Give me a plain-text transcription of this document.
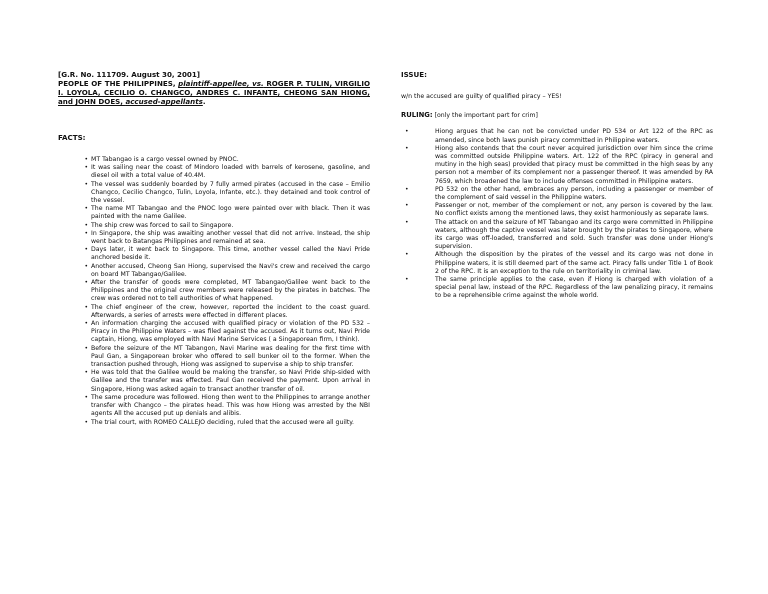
[G.R. No. 111709. August 30, 2001]
PEOPLE OF THE PHILIPPINES, plaintiff-appellee, vs. ROGER P. TULIN, VIRGILIO I. LOYOLA, CECILIO O. CHANGCO, ANDRES C. INFANTE, CHEONG SAN HIONG, and JOHN DOES, accused-appellants.
FACTS:
• MT Tabangao is a cargo vessel owned by PNOC.
• It was sailing near the coast of Mindoro loaded with barrels of kerosene, gasoline, and diesel oil with a total value of 40.4M.
• The vessel was suddenly boarded by 7 fully armed pirates (accused in the case – Emilio Changco, Cecilio Changco, Tulin, Loyola, Infante, etc.). they detained and took control of the vessel.
• The name MT Tabangao and the PNOC logo were painted over with black. Then it was painted with the name Galilee.
• The ship crew was forced to sail to Singapore.
• In Singapore, the ship was awaiting another vessel that did not arrive. Instead, the ship went back to Batangas Philippines and remained at sea.
• Days later, it went back to Singapore. This time, another vessel called the Navi Pride anchored beside it.
• Another accused, Cheong San Hiong, supervised the Navi's crew and received the cargo on board MT Tabangao/Galilee.
• After the transfer of goods were completed, MT Tabangao/Galilee went back to the Philippines and the original crew members were released by the pirates in batches. The crew was ordered not to tell authorities of what happened.
• The chief engineer of the crew, however, reported the incident to the coast guard. Afterwards, a series of arrests were effected in different places.
• An information charging the accused with qualified piracy or violation of the PD 532 – Piracy in the Philippine Waters – was filed against the accused. As it turns out, Navi Pride captain, Hiong, was employed with Navi Marine Services ( a Singaporean firm, I think).
• Before the seizure of the MT Tabangon, Navi Marine was dealing for the first time with Paul Gan, a Singaporean broker who offered to sell bunker oil to the former. When the transaction pushed through, Hiong was assigned to supervise a ship to ship transfer.
• He was told that the Galilee would be making the transfer, so Navi Pride ship-sided with Galilee and the transfer was effected. Paul Gan received the payment. Upon arrival in Singapore, Hiong was asked again to transact another transfer of oil.
• The same procedure was followed. Hiong then went to the Philippines to arrange another transfer with Changco – the pirates head. This was how Hiong was arrested by the NBI agents All the accused put up denials and alibis.
• The trial court, with ROMEO CALLEJO deciding, ruled that the accused were all guilty.
ISSUE:
w/n the accused are guilty of qualified piracy – YES!
RULING: [only the important part for crim]
•	Hiong argues that he can not be convicted under PD 534 or Art 122 of the RPC as amended, since both laws punish piracy committed in Philippine waters.
•	Hiong also contends that the court never acquired jurisdiction over him since the crime was committed outside Philippine waters. Art. 122 of the RPC (piracy in general and mutiny in the high seas) provided that piracy must be committed in the high seas by any person not a member of its complement nor a passenger thereof. It was amended by RA 7659, which broadened the law to include offenses committed in Philippine waters.
•	PD 532 on the other hand, embraces any person, including a passenger or member of the complement of said vessel in the Philippine waters.
•	Passenger or not, member of the complement or not, any person is covered by the law. No conflict exists among the mentioned laws, they exist harmoniously as separate laws.
•	The attack on and the seizure of MT Tabangao and its cargo were committed in Philippine waters, although the captive vessel was later brought by the pirates to Singapore, where its cargo was off-loaded, transferred and sold. Such transfer was done under Hiong's supervision.
•	Although the disposition by the pirates of the vessel and its cargo was not done in Philippine waters, it is still deemed part of the same act. Piracy falls under Title 1 of Book 2 of the RPC. It is an exception to the rule on territoriality in criminal law.
•	The same principle applies to the case, even if Hiong is charged with violation of a special penal law, instead of the RPC. Regardless of the law penalizing piracy, it remains to be a reprehensible crime against the whole world.
